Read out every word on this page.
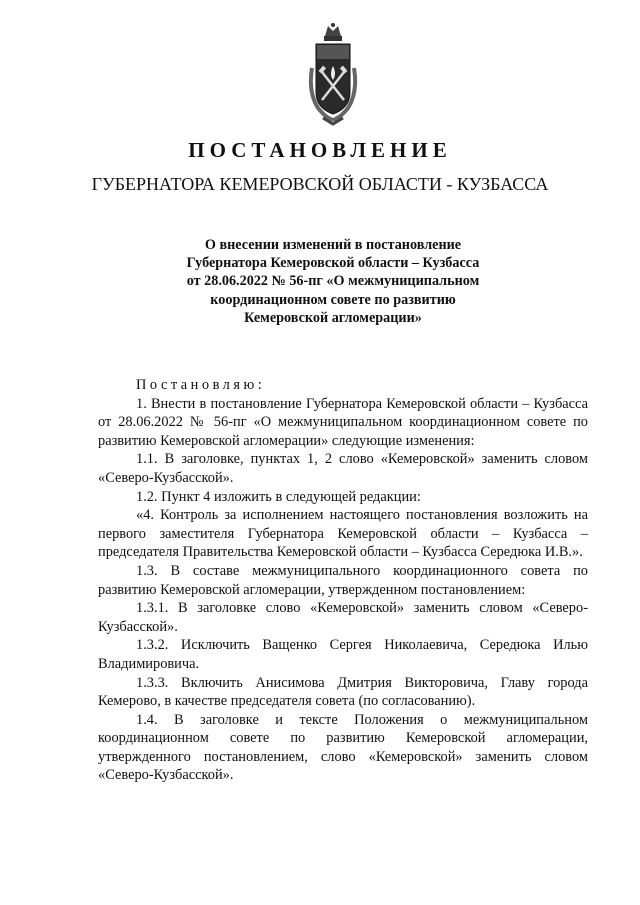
ПОСТАНОВЛЕНИЕ
ГУБЕРНАТОРА КЕМЕРОВСКОЙ ОБЛАСТИ - КУЗБАССА
О внесении изменений в постановление
Губернатора Кемеровской области – Кузбасса
от 28.06.2022 № 56-пг «О межмуниципальном
координационном совете по развитию
Кемеровской агломерации»

Постановляю:

1. Внести в постановление Губернатора Кемеровской области – Кузбасса от 28.06.2022 № 56-пг «О межмуниципальном координационном совете по развитию Кемеровской агломерации» следующие изменения:

1.1. В заголовке, пунктах 1, 2 слово «Кемеровской» заменить словом «Северо-Кузбасской».

1.2. Пункт 4 изложить в следующей редакции:

«4. Контроль за исполнением настоящего постановления возложить на первого заместителя Губернатора Кемеровской области – Кузбасса – председателя Правительства Кемеровской области – Кузбасса Середюка И.В.».

1.3. В составе межмуниципального координационного совета по развитию Кемеровской агломерации, утвержденном постановлением:

1.3.1. В заголовке слово «Кемеровской» заменить словом «Северо-Кузбасской».

1.3.2. Исключить Ващенко Сергея Николаевича, Середюка Илью Владимировича.

1.3.3. Включить Анисимова Дмитрия Викторовича, Главу города Кемерово, в качестве председателя совета (по согласованию).

1.4. В заголовке и тексте Положения о межмуниципальном координационном совете по развитию Кемеровской агломерации, утвержденного постановлением, слово «Кемеровской» заменить словом «Северо-Кузбасской».
